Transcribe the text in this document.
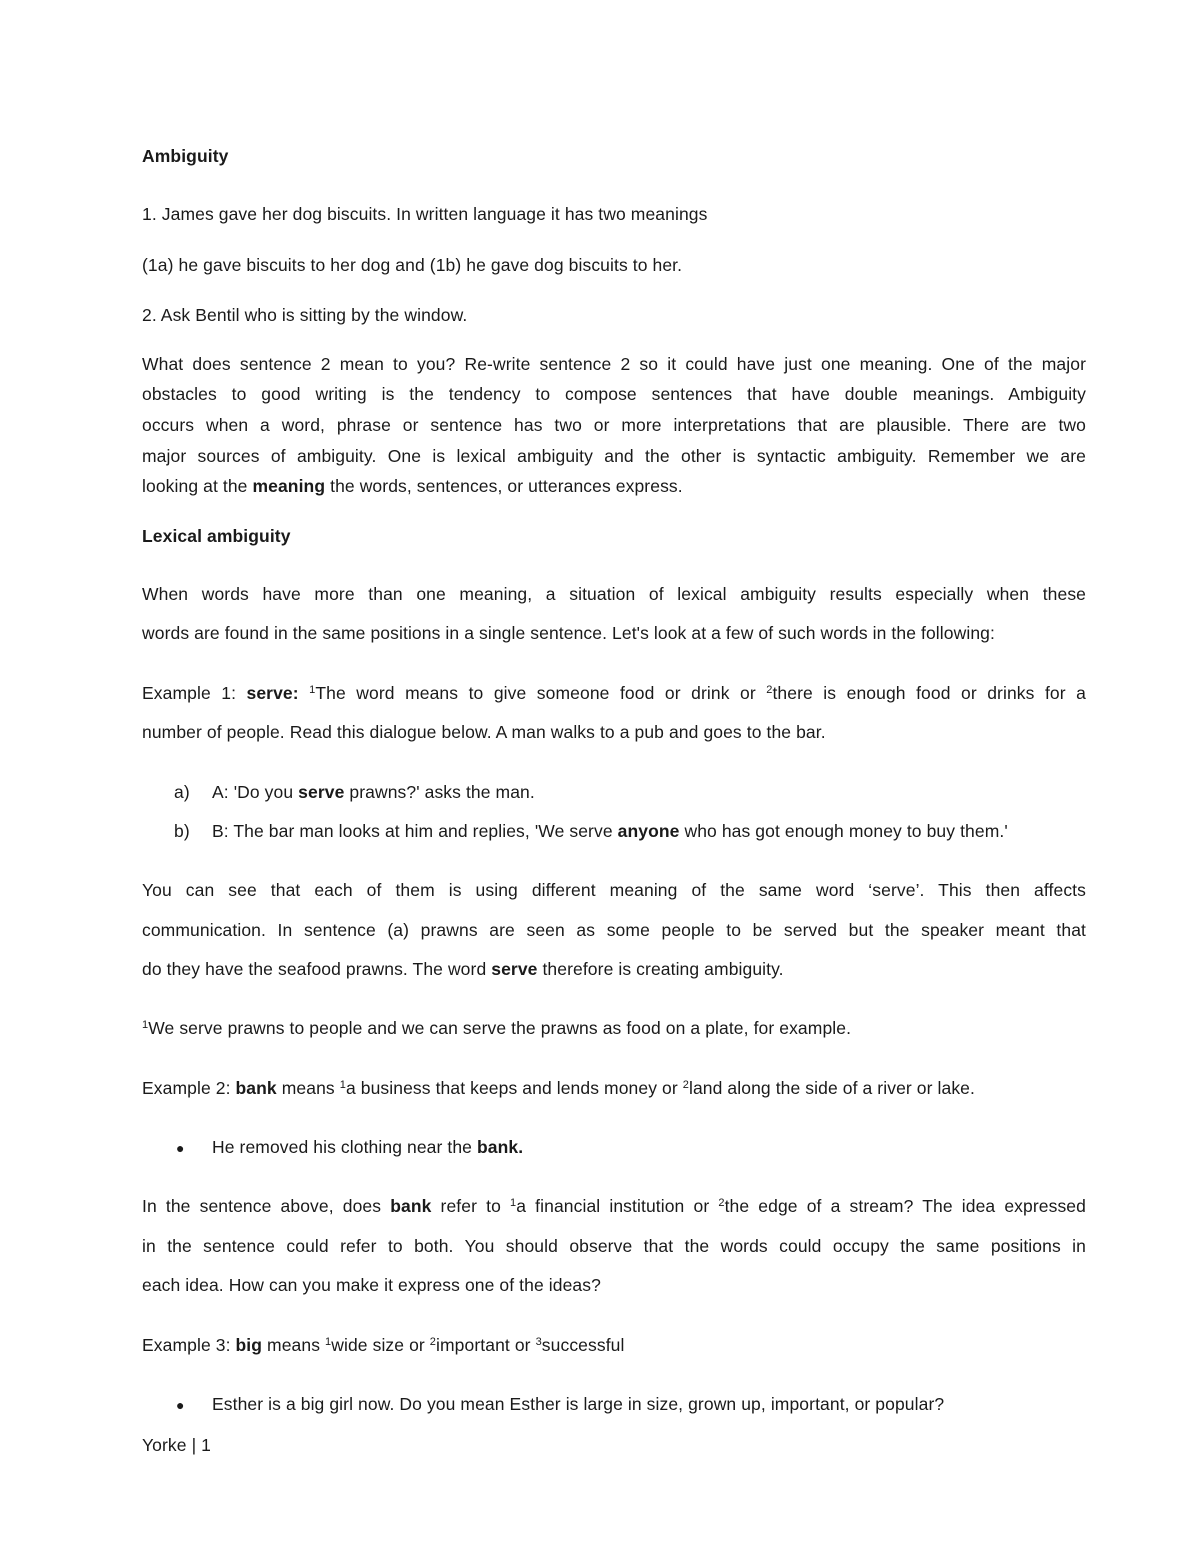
Ambiguity
1. James gave her dog biscuits. In written language it has two meanings
(1a) he gave biscuits to her dog and (1b) he gave dog biscuits to her.
2. Ask Bentil who is sitting by the window.
What does sentence 2 mean to you? Re-write sentence 2 so it could have just one meaning. One of the major
obstacles to good writing is the tendency to compose sentences that have double meanings. Ambiguity
occurs when a word, phrase or sentence has two or more interpretations that are plausible. There are two
major sources of ambiguity. One is lexical ambiguity and the other is syntactic ambiguity. Remember we are
looking at the meaning the words, sentences, or utterances express.
Lexical ambiguity
When words have more than one meaning, a situation of lexical ambiguity results especially when these
words are found in the same positions in a single sentence. Let's look at a few of such words in the following:
Example 1: serve: $^1$The word means to give someone food or drink or $^2$there is enough food or drinks for a
number of people. Read this dialogue below. A man walks to a pub and goes to the bar.
a) A: 'Do you serve prawns?' asks the man.
b) B: The bar man looks at him and replies, 'We serve anyone who has got enough money to buy them.'
You can see that each of them is using different meaning of the same word ‘serve’. This then affects
communication. In sentence (a) prawns are seen as some people to be served but the speaker meant that
do they have the seafood prawns. The word serve therefore is creating ambiguity.
$^1$We serve prawns to people and we can serve the prawns as food on a plate, for example.
Example 2: bank means $^1$a business that keeps and lends money or $^2$land along the side of a river or lake.
● He removed his clothing near the bank.
In the sentence above, does bank refer to $^1$a financial institution or $^2$the edge of a stream? The idea expressed
in the sentence could refer to both. You should observe that the words could occupy the same positions in
each idea. How can you make it express one of the ideas?
Example 3: big means $^1$wide size or $^2$important or $^3$successful
● Esther is a big girl now. Do you mean Esther is large in size, grown up, important, or popular?
Yorke | 1
